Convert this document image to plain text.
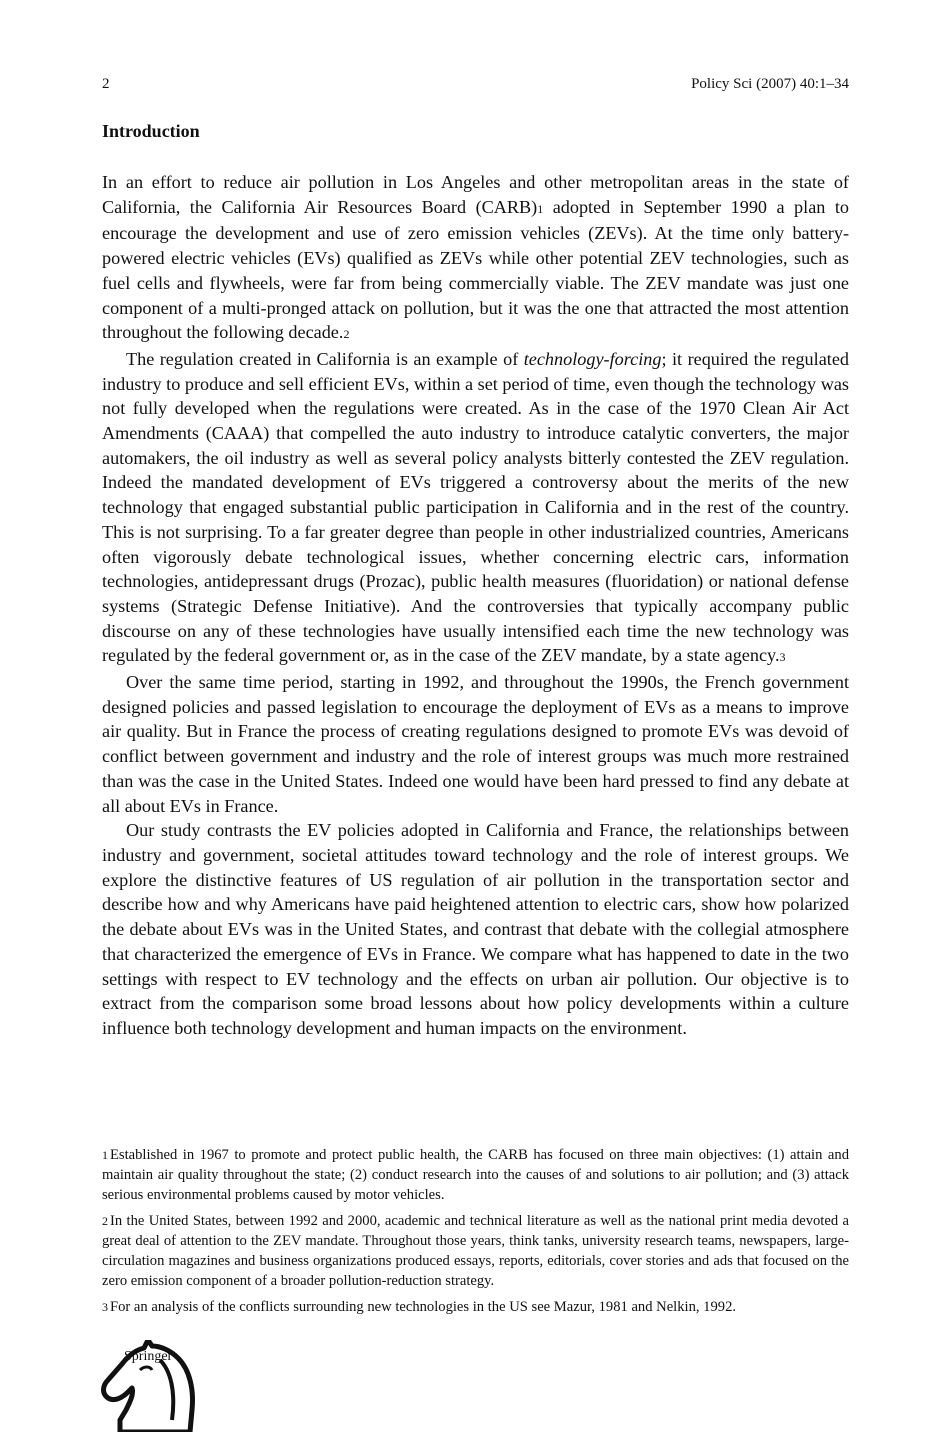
2	Policy Sci (2007) 40:1–34
Introduction

In an effort to reduce air pollution in Los Angeles and other metropolitan areas in the state of California, the California Air Resources Board (CARB)1 adopted in September 1990 a plan to encourage the development and use of zero emission vehicles (ZEVs). At the time only battery-powered electric vehicles (EVs) qualified as ZEVs while other potential ZEV technologies, such as fuel cells and flywheels, were far from being commercially viable. The ZEV mandate was just one component of a multi-pronged attack on pollution, but it was the one that attracted the most attention throughout the following decade.2

The regulation created in California is an example of technology-forcing; it required the regulated industry to produce and sell efficient EVs, within a set period of time, even though the technology was not fully developed when the regulations were created. As in the case of the 1970 Clean Air Act Amendments (CAAA) that compelled the auto industry to introduce catalytic converters, the major automakers, the oil industry as well as several policy analysts bitterly contested the ZEV regulation. Indeed the mandated development of EVs triggered a controversy about the merits of the new technology that engaged substantial public participation in California and in the rest of the country. This is not surprising. To a far greater degree than people in other industrialized countries, Americans often vigorously debate technological issues, whether concerning electric cars, information technologies, antidepressant drugs (Prozac), public health measures (fluoridation) or national defense systems (Strategic Defense Initiative). And the controversies that typically accompany public discourse on any of these technologies have usually intensified each time the new technology was regulated by the federal government or, as in the case of the ZEV mandate, by a state agency.3

Over the same time period, starting in 1992, and throughout the 1990s, the French government designed policies and passed legislation to encourage the deployment of EVs as a means to improve air quality. But in France the process of creating regulations designed to promote EVs was devoid of conflict between government and industry and the role of interest groups was much more restrained than was the case in the United States. Indeed one would have been hard pressed to find any debate at all about EVs in France.

Our study contrasts the EV policies adopted in California and France, the relationships between industry and government, societal attitudes toward technology and the role of interest groups. We explore the distinctive features of US regulation of air pollution in the transportation sector and describe how and why Americans have paid heightened attention to electric cars, show how polarized the debate about EVs was in the United States, and contrast that debate with the collegial atmosphere that characterized the emergence of EVs in France. We compare what has happened to date in the two settings with respect to EV technology and the effects on urban air pollution. Our objective is to extract from the comparison some broad lessons about how policy developments within a culture influence both technology development and human impacts on the environment.

1 Established in 1967 to promote and protect public health, the CARB has focused on three main objectives: (1) attain and maintain air quality throughout the state; (2) conduct research into the causes of and solutions to air pollution; and (3) attack serious environmental problems caused by motor vehicles.

2 In the United States, between 1992 and 2000, academic and technical literature as well as the national print media devoted a great deal of attention to the ZEV mandate. Throughout those years, think tanks, university research teams, newspapers, large-circulation magazines and business organizations produced essays, reports, editorials, cover stories and ads that focused on the zero emission component of a broader pollution-reduction strategy.

3 For an analysis of the conflicts surrounding new technologies in the US see Mazur, 1981 and Nelkin, 1992.

Springer
